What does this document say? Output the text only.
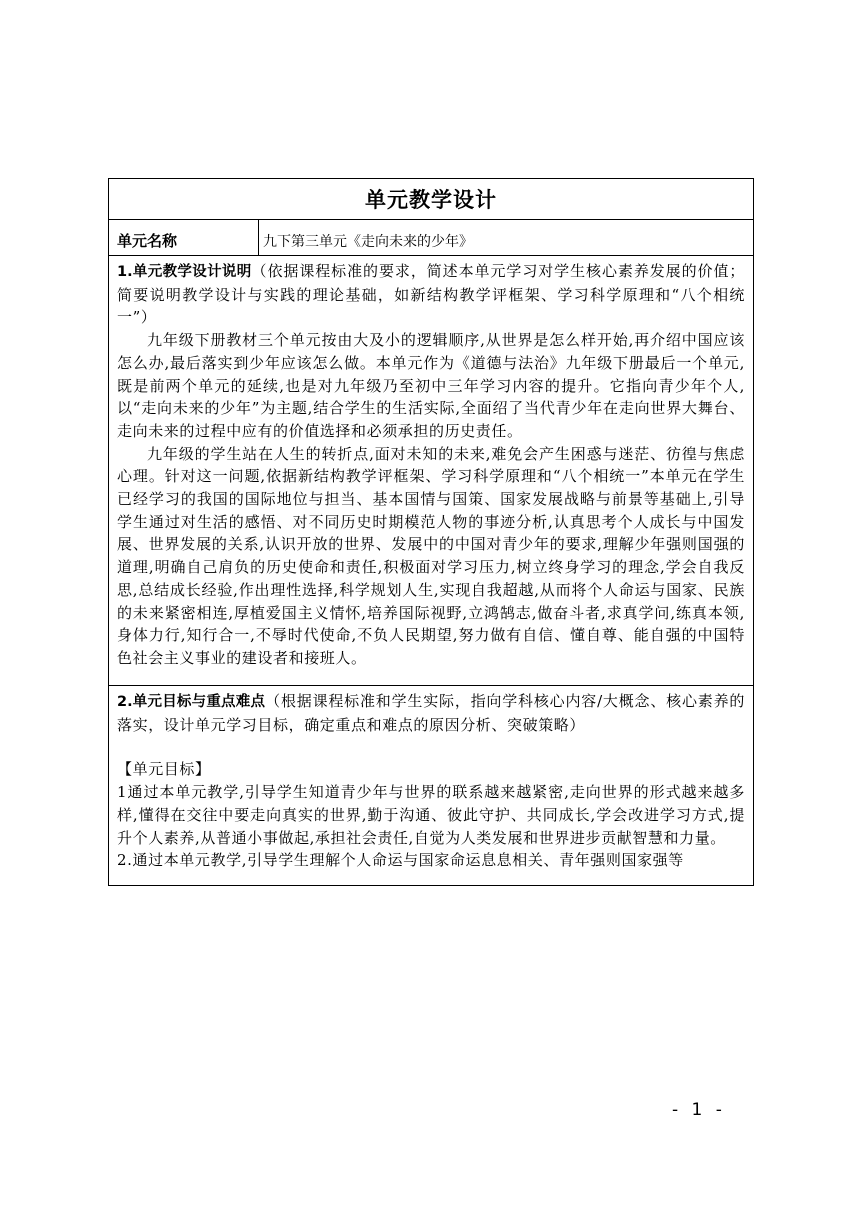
单元教学设计
单元名称	九下第三单元《走向未来的少年》

1.单元教学设计说明（依据课程标准的要求，简述本单元学习对学生核心素养发展的价值；简要说明教学设计与实践的理论基础，如新结构教学评框架、学习科学原理和“八个相统一”）

九年级下册教材三个单元按由大及小的逻辑顺序,从世界是怎么样开始,再介绍中国应该怎么办,最后落实到少年应该怎么做。本单元作为《道德与法治》九年级下册最后一个单元,既是前两个单元的延续,也是对九年级乃至初中三年学习内容的提升。它指向青少年个人,以“走向未来的少年”为主题,结合学生的生活实际,全面绍了当代青少年在走向世界大舞台、走向未来的过程中应有的价值选择和必须承担的历史责任。

九年级的学生站在人生的转折点,面对未知的未来,难免会产生困惑与迷茫、彷徨与焦虑心理。针对这一问题,依据新结构教学评框架、学习科学原理和“八个相统一”本单元在学生已经学习的我国的国际地位与担当、基本国情与国策、国家发展战略与前景等基础上,引导学生通过对生活的感悟、对不同历史时期模范人物的事迹分析,认真思考个人成长与中国发展、世界发展的关系,认识开放的世界、发展中的中国对青少年的要求,理解少年强则国强的道理,明确自己肩负的历史使命和责任,积极面对学习压力,树立终身学习的理念,学会自我反思,总结成长经验,作出理性选择,科学规划人生,实现自我超越,从而将个人命运与国家、民族的未来紧密相连,厚植爱国主义情怀,培养国际视野,立鸿鹄志,做奋斗者,求真学问,练真本领,身体力行,知行合一,不辱时代使命,不负人民期望,努力做有自信、懂自尊、能自强的中国特色社会主义事业的建设者和接班人。

2.单元目标与重点难点（根据课程标准和学生实际，指向学科核心内容/大概念、核心素养的落实，设计单元学习目标，确定重点和难点的原因分析、突破策略）

【单元目标】

1通过本单元教学,引导学生知道青少年与世界的联系越来越紧密,走向世界的形式越来越多样,懂得在交往中要走向真实的世界,勤于沟通、彼此守护、共同成长,学会改进学习方式,提升个人素养,从普通小事做起,承担社会责任,自觉为人类发展和世界进步贡献智慧和力量。

2.通过本单元教学,引导学生理解个人命运与国家命运息息相关、青年强则国家强等

- 1 -
